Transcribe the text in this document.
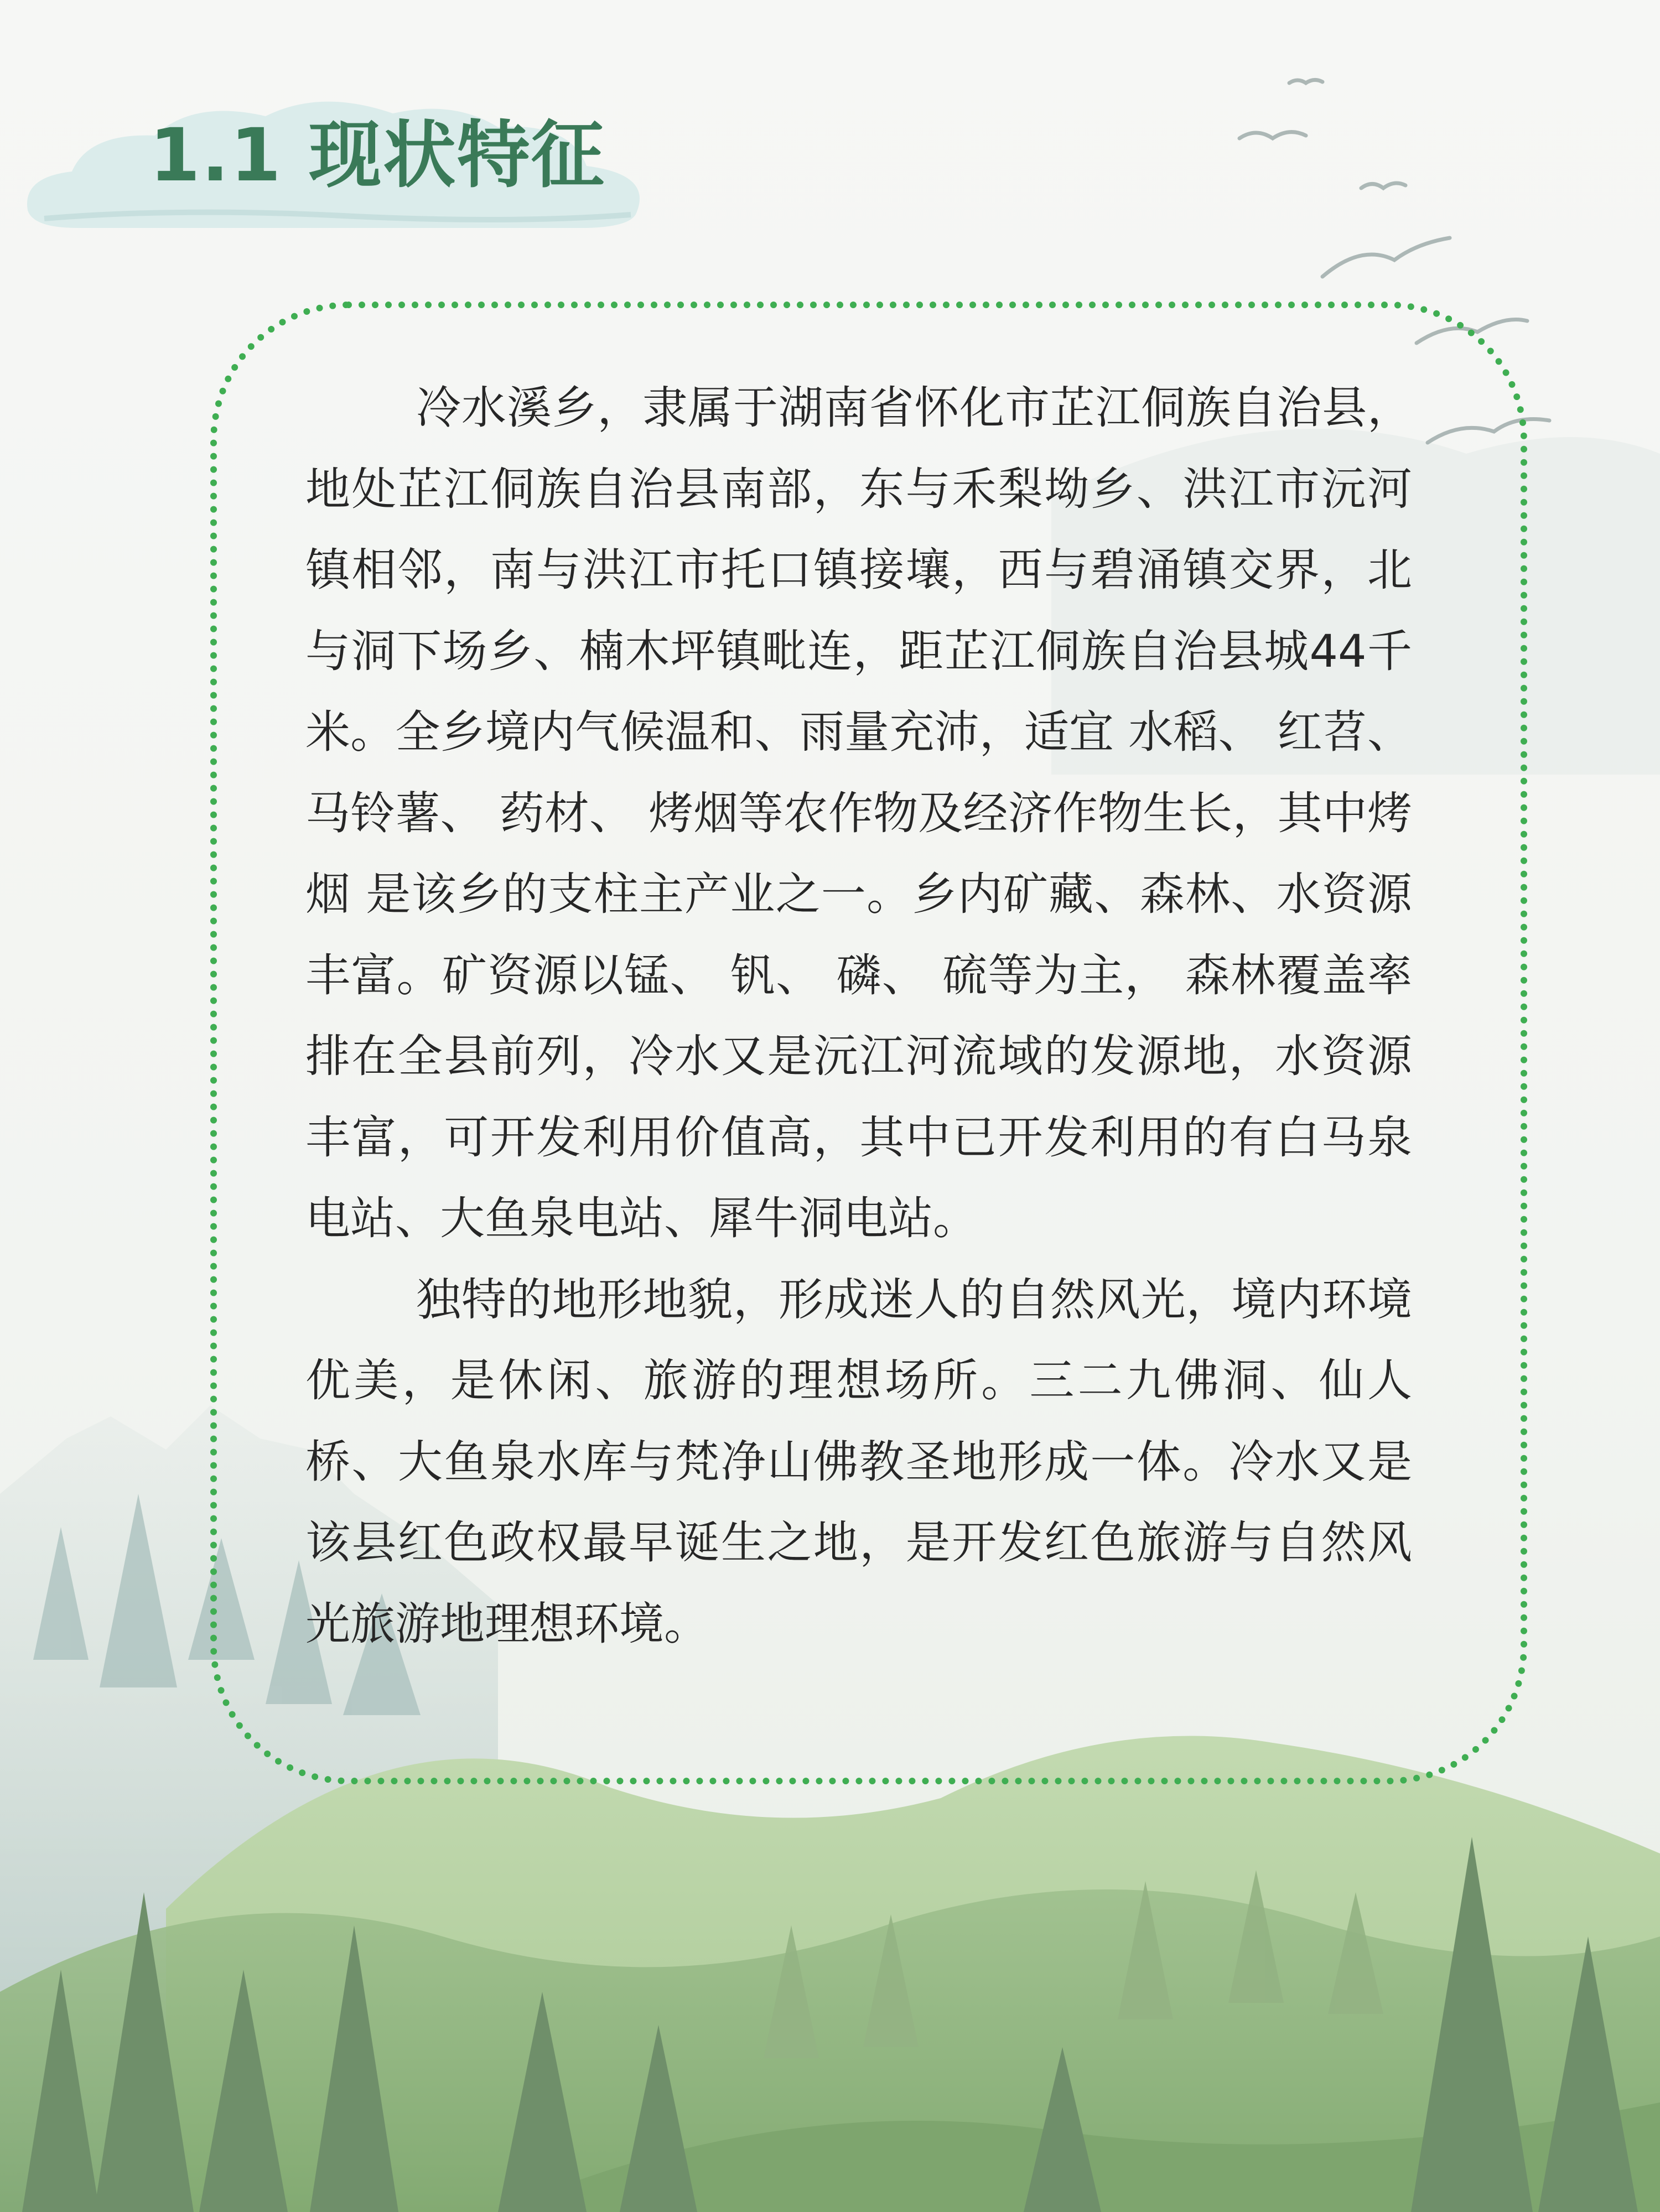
1.1 现状特征

冷水溪乡，隶属于湖南省怀化市芷江侗族自治县，地处芷江侗族自治县南部，东与禾梨坳乡、洪江市沅河镇相邻，南与洪江市托口镇接壤，西与碧涌镇交界，北与洞下场乡、楠木坪镇毗连，距芷江侗族自治县城44千米。全乡境内气候温和、雨量充沛，适宜 水稻、 红苕、 马铃薯、 药材、 烤烟等农作物及经济作物生长，其中烤烟 是该乡的支柱主产业之一。乡内矿藏、森林、水资源丰富。矿资源以锰、 钒、 磷、 硫等为主， 森林覆盖率排在全县前列，冷水又是沅江河流域的发源地，水资源丰富，可开发利用价值高，其中已开发利用的有白马泉电站、大鱼泉电站、犀牛洞电站。

独特的地形地貌，形成迷人的自然风光，境内环境优美，是休闲、旅游的理想场所。三二九佛洞、仙人桥、大鱼泉水库与梵净山佛教圣地形成一体。冷水又是该县红色政权最早诞生之地，是开发红色旅游与自然风光旅游地理想环境。
